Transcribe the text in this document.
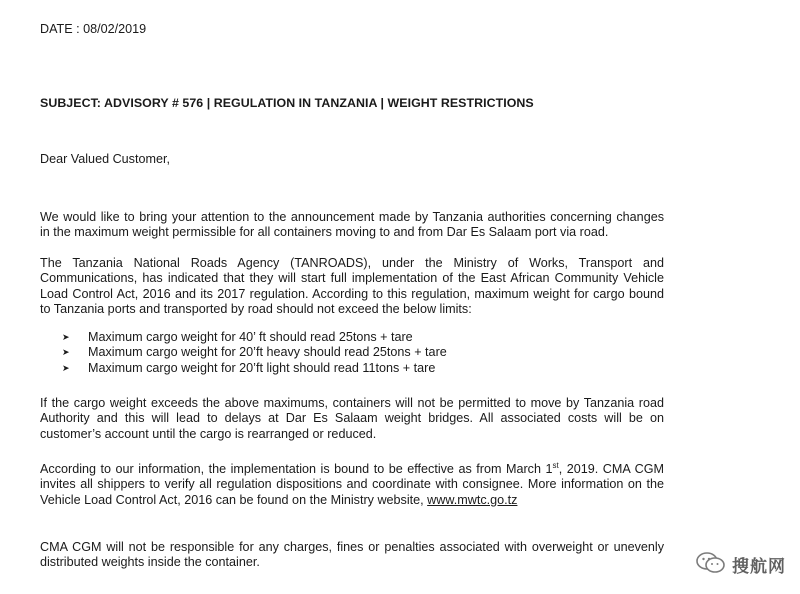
DATE : 08/02/2019
SUBJECT: ADVISORY # 576 | REGULATION IN TANZANIA | WEIGHT RESTRICTIONS
Dear Valued Customer,
We would like to bring your attention to the announcement made by Tanzania authorities concerning changes
in the maximum weight permissible for all containers moving to and from Dar Es Salaam port via road.
The Tanzania National Roads Agency (TANROADS), under the Ministry of Works, Transport and
Communications, has indicated that they will start full implementation of the East African Community Vehicle
Load Control Act, 2016 and its 2017 regulation. According to this regulation, maximum weight for cargo bound
to Tanzania ports and transported by road should not exceed the below limits:
➤ Maximum cargo weight for 40’ ft should read 25tons + tare
➤ Maximum cargo weight for 20’ft heavy should read 25tons + tare
➤ Maximum cargo weight for 20’ft light should read 11tons + tare
If the cargo weight exceeds the above maximums, containers will not be permitted to move by Tanzania road
Authority and this will lead to delays at Dar Es Salaam weight bridges. All associated costs will be on
customer’s account until the cargo is rearranged or reduced.
According to our information, the implementation is bound to be effective as from March 1st, 2019. CMA CGM
invites all shippers to verify all regulation dispositions and coordinate with consignee. More information on the
Vehicle Load Control Act, 2016 can be found on the Ministry website, www.mwtc.go.tz
CMA CGM will not be responsible for any charges, fines or penalties associated with overweight or unevenly
distributed weights inside the container.	搜航网
